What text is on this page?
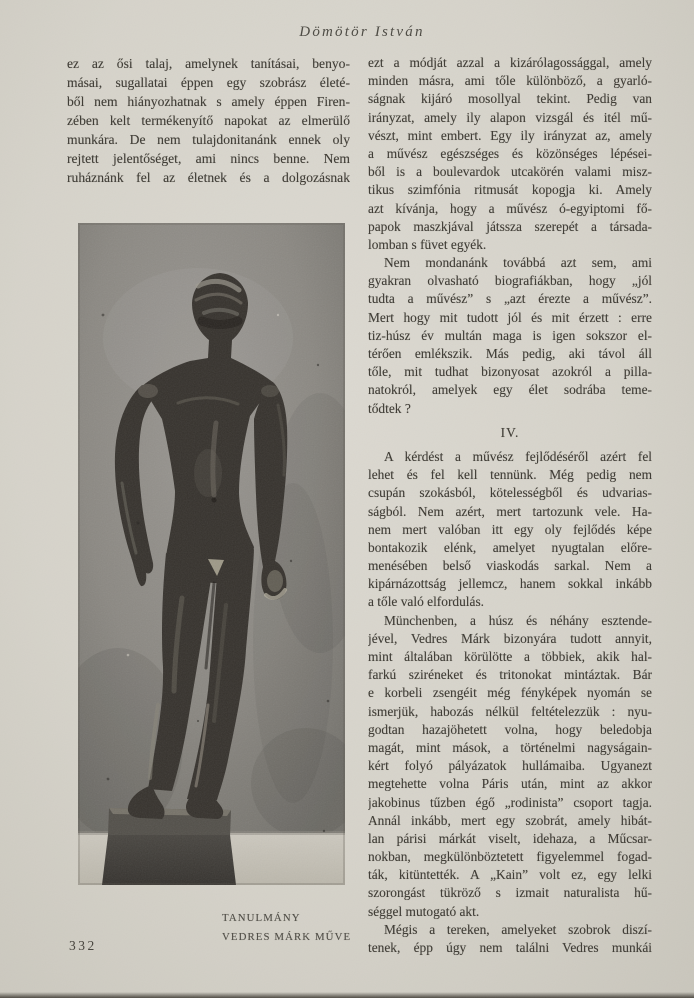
Dömötör István
ez az ősi talaj, amelynek tanításai, benyo-
másai, sugallatai éppen egy szobrász életé-
ből nem hiányozhatnak s amely éppen Firen-
zében kelt termékenyítő napokat az elmerülő
munkára. De nem tulajdonitanánk ennek oly
rejtett jelentőséget, ami nincs benne. Nem
ruháznánk fel az életnek és a dolgozásnak
ezt a módját azzal a kizárólagossággal, amely
minden másra, ami tőle különböző, a gyarló-
ságnak kijáró mosollyal tekint. Pedig van
irányzat, amely ily alapon vizsgál és itél mű-
vészt, mint embert. Egy ily irányzat az, amely
a művész egészséges és közönséges lépései-
ből is a boulevardok utcakörén valami misz-
tikus szimfónia ritmusát kopogja ki. Amely
azt kívánja, hogy a művész ó-egyiptomi fő-
papok maszkjával játssza szerepét a társada-
lomban s füvet egyék.
Nem mondanánk továbbá azt sem, ami
gyakran olvasható biografiákban, hogy „jól
tudta a művész” s „azt érezte a művész”.
Mert hogy mit tudott jól és mit érzett : erre
tiz-húsz év multán maga is igen sokszor el-
térően emlékszik. Más pedig, aki távol áll
tőle, mit tudhat bizonyosat azokról a pilla-
natokról, amelyek egy élet sodrába teme-
tődtek ?
IV.
A kérdést a művész fejlődéséről azért fel
lehet és fel kell tennünk. Még pedig nem
csupán szokásból, kötelességből és udvarias-
ságból. Nem azért, mert tartozunk vele. Ha-
nem mert valóban itt egy oly fejlődés képe
bontakozik elénk, amelyet nyugtalan előre-
menésében belső viaskodás sarkal. Nem a
kipárnázottság jellemcz, hanem sokkal inkább
a tőle való elfordulás.
Münchenben, a húsz és néhány esztende-
jével, Vedres Márk bizonyára tudott annyit,
mint általában körülötte a többiek, akik hal-
farkú sziréneket és tritonokat mintáztak. Bár
e korbeli zsengéit még fényképek nyomán se
ismerjük, habozás nélkül feltételezzük : nyu-
godtan hazajöhetett volna, hogy beledobja
magát, mint mások, a történelmi nagyságain-
kért folyó pályázatok hullámaiba. Ugyanezt
megtehette volna Páris után, mint az akkor
jakobinus tűzben égő „rodinista” csoport tagja.
Annál inkább, mert egy szobrát, amely hibát-
lan párisi márkát viselt, idehaza, a Műcsar-
nokban, megkülönböztetett figyelemmel fogad-
ták, kitüntették. A „Kain” volt ez, egy lelki
szorongást tükröző s izmait naturalista hű-
séggel mutogató akt.
Mégis a tereken, amelyeket szobrok diszí-
tenek, épp úgy nem találni Vedres munkái
TANULMÁNY
VEDRES MÁRK MŰVE
332
